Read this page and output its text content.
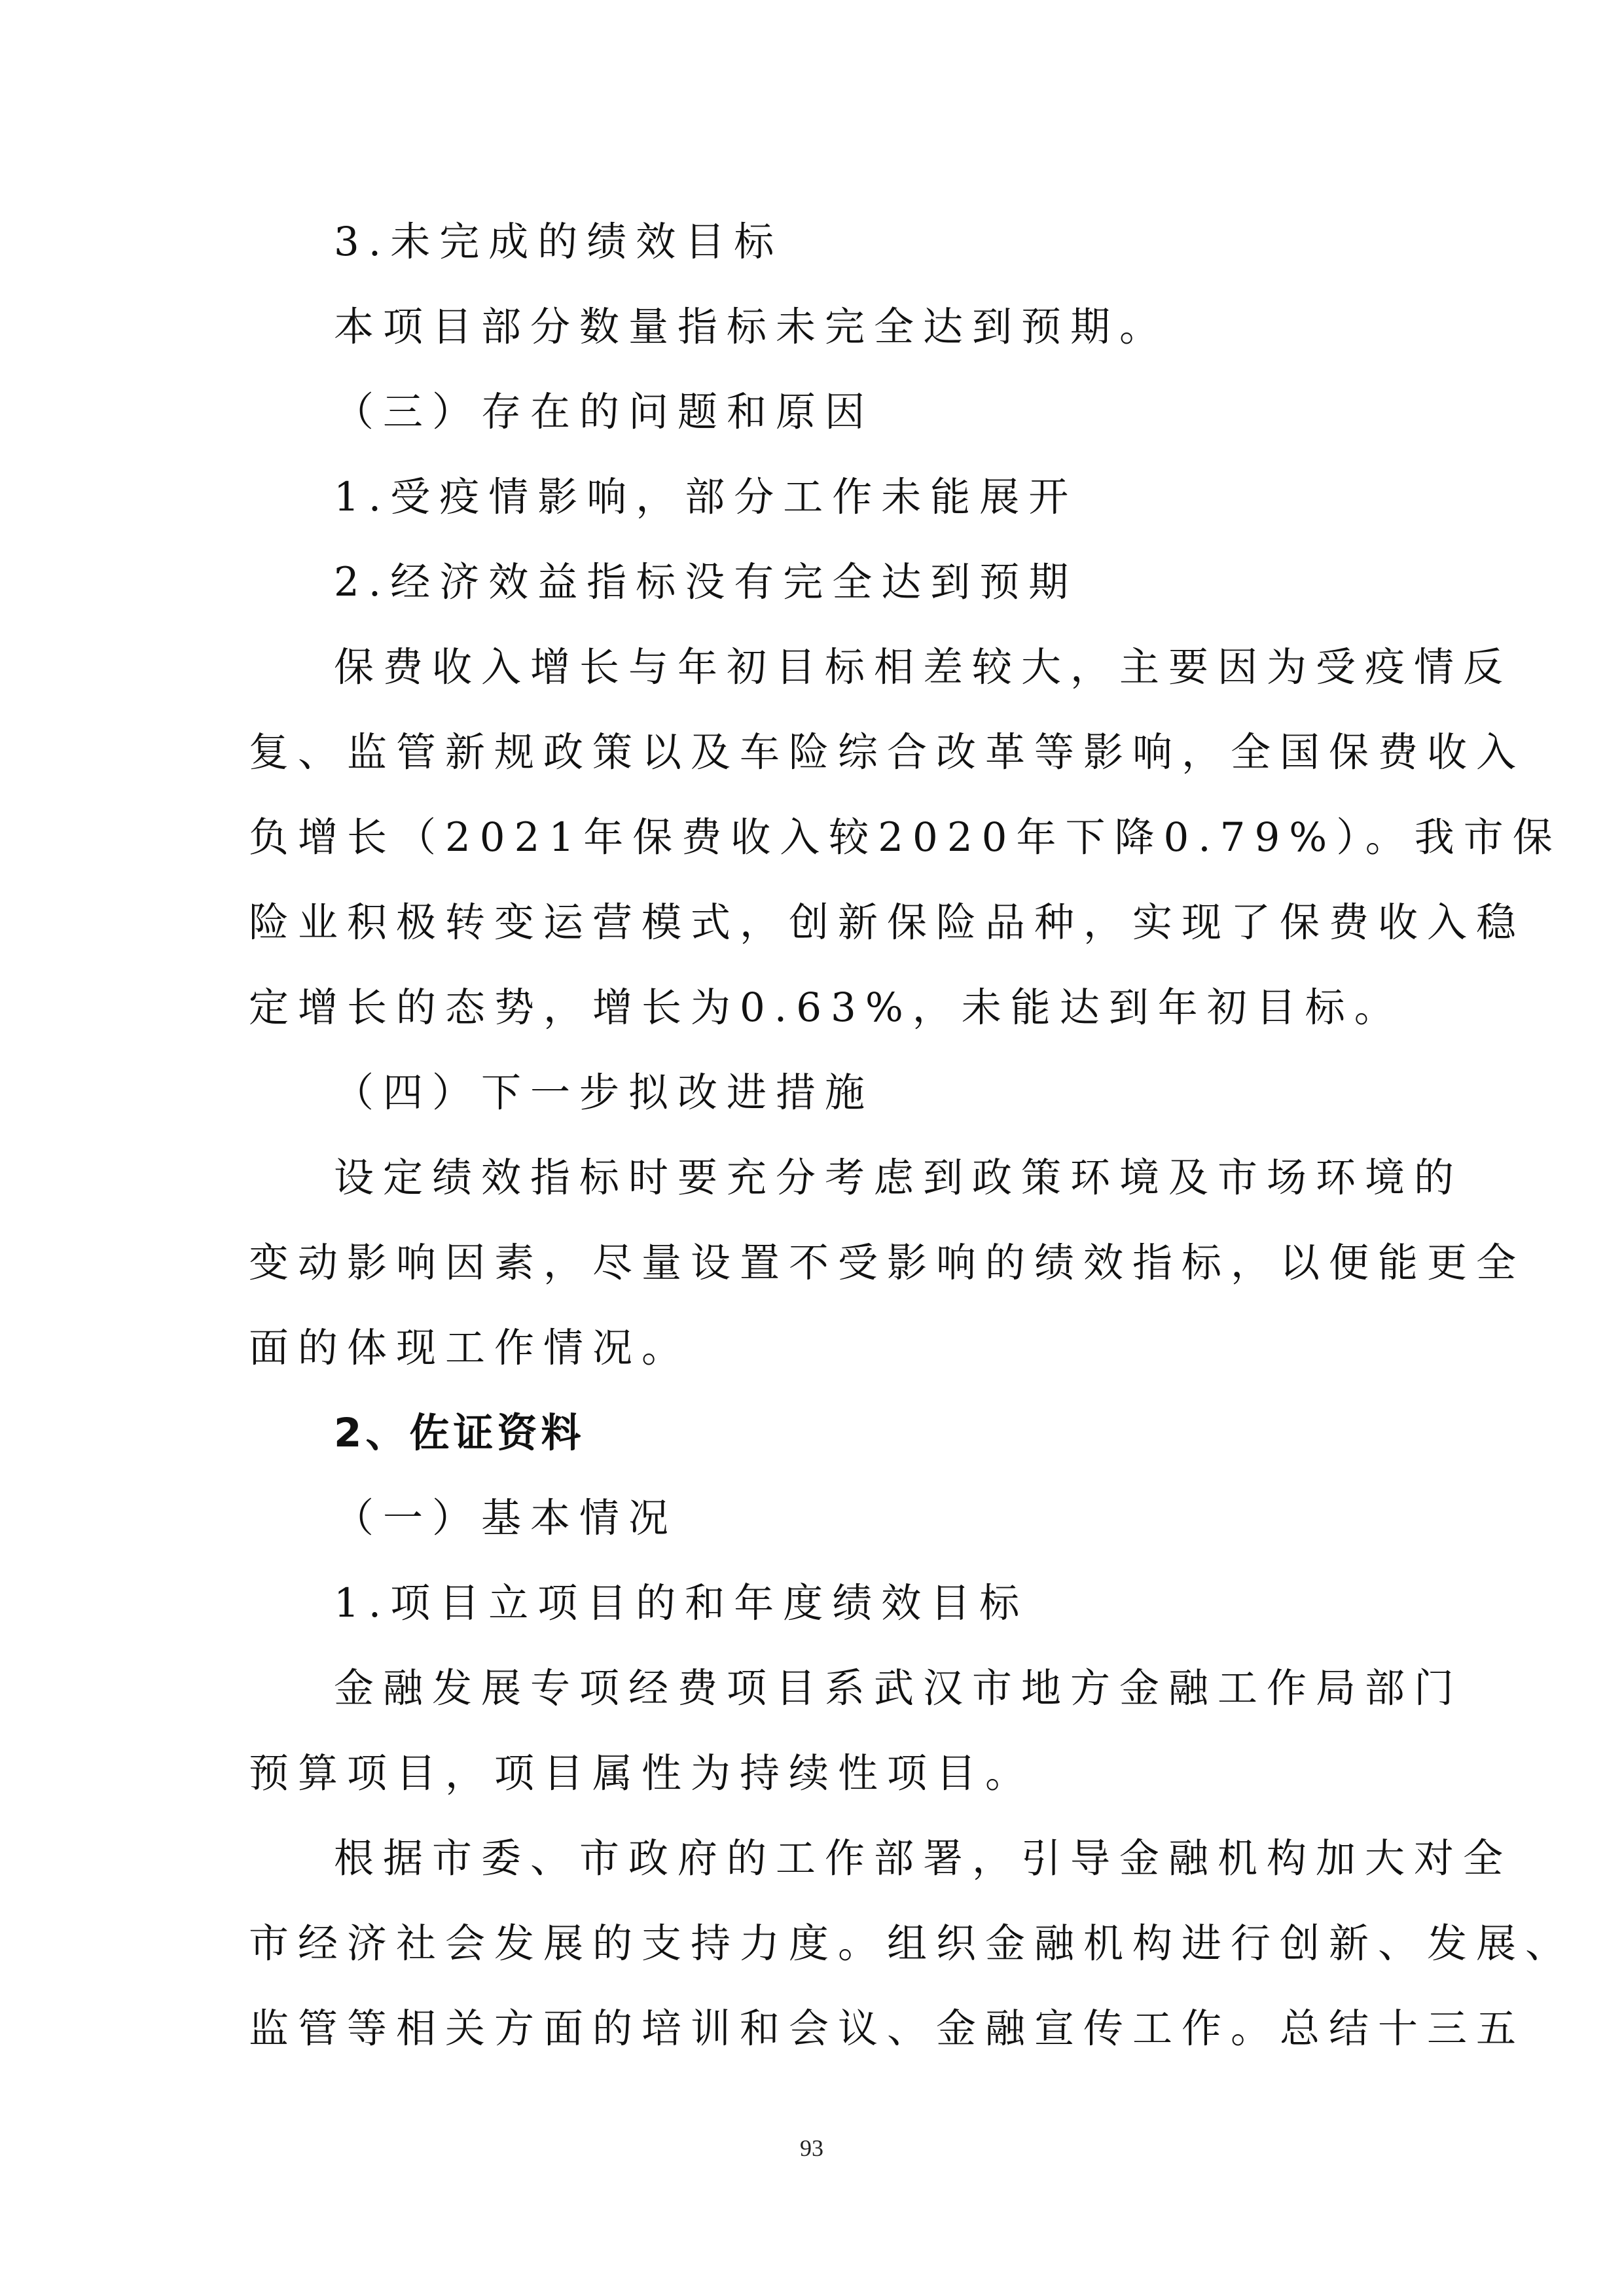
3.未完成的绩效目标
本项目部分数量指标未完全达到预期。
（三）存在的问题和原因
1.受疫情影响，部分工作未能展开
2.经济效益指标没有完全达到预期
保费收入增长与年初目标相差较大，主要因为受疫情反
复、监管新规政策以及车险综合改革等影响，全国保费收入
负增长（2021年保费收入较2020年下降0.79%）。我市保
险业积极转变运营模式，创新保险品种，实现了保费收入稳
定增长的态势，增长为0.63%，未能达到年初目标。
（四）下一步拟改进措施
设定绩效指标时要充分考虑到政策环境及市场环境的
变动影响因素，尽量设置不受影响的绩效指标，以便能更全
面的体现工作情况。
2、佐证资料
（一）基本情况
1.项目立项目的和年度绩效目标
金融发展专项经费项目系武汉市地方金融工作局部门
预算项目，项目属性为持续性项目。
根据市委、市政府的工作部署，引导金融机构加大对全
市经济社会发展的支持力度。组织金融机构进行创新、发展、
监管等相关方面的培训和会议、金融宣传工作。总结十三五
93
